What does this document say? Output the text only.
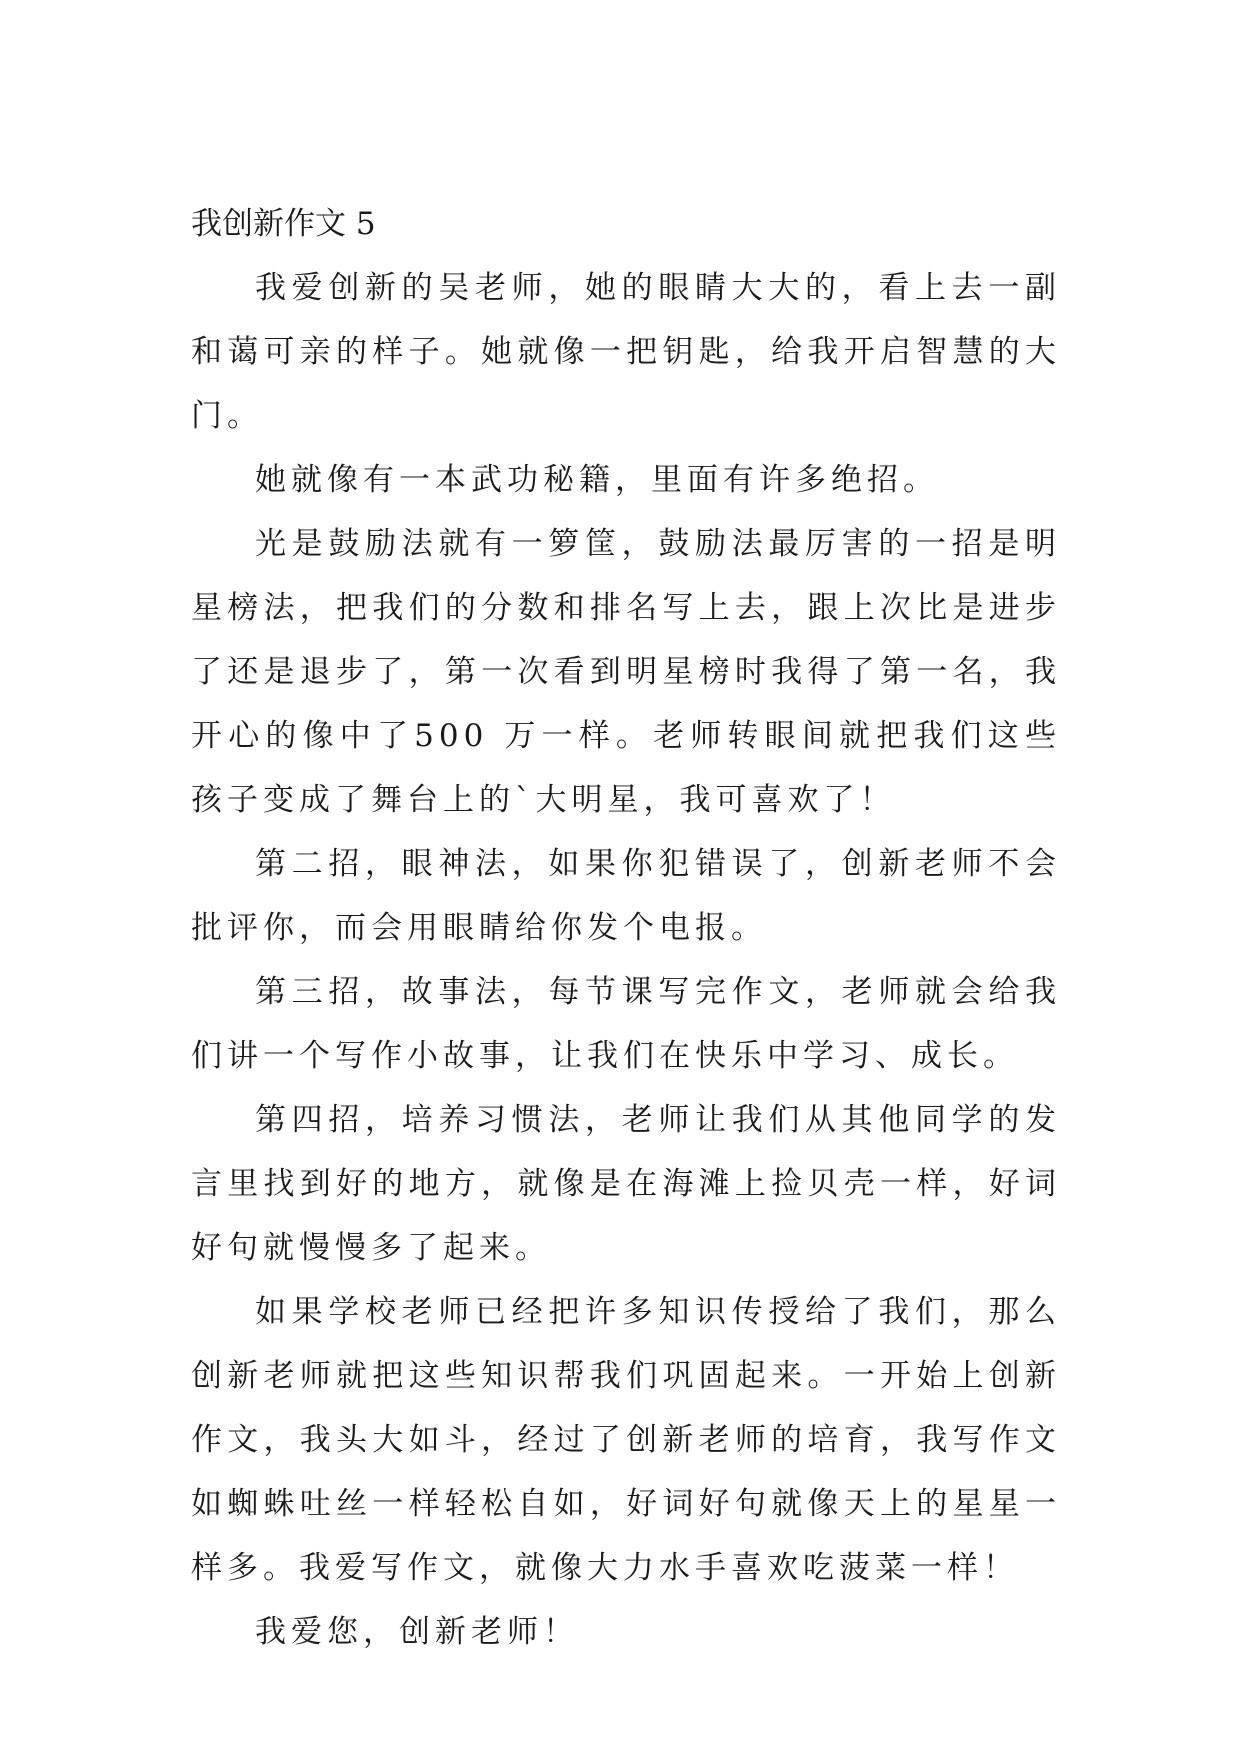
我创新作文 5

我爱创新的吴老师，她的眼睛大大的，看上去一副和蔼可亲的样子。她就像一把钥匙，给我开启智慧的大门。

她就像有一本武功秘籍，里面有许多绝招。

光是鼓励法就有一箩筐，鼓励法最厉害的一招是明星榜法，把我们的分数和排名写上去，跟上次比是进步了还是退步了，第一次看到明星榜时我得了第一名，我开心的像中了500 万一样。老师转眼间就把我们这些孩子变成了舞台上的`大明星，我可喜欢了！

第二招，眼神法，如果你犯错误了，创新老师不会批评你，而会用眼睛给你发个电报。

第三招，故事法，每节课写完作文，老师就会给我们讲一个写作小故事，让我们在快乐中学习、成长。

第四招，培养习惯法，老师让我们从其他同学的发言里找到好的地方，就像是在海滩上捡贝壳一样，好词好句就慢慢多了起来。

如果学校老师已经把许多知识传授给了我们，那么创新老师就把这些知识帮我们巩固起来。一开始上创新作文，我头大如斗，经过了创新老师的培育，我写作文如蜘蛛吐丝一样轻松自如，好词好句就像天上的星星一样多。我爱写作文，就像大力水手喜欢吃菠菜一样！

我爱您，创新老师！
